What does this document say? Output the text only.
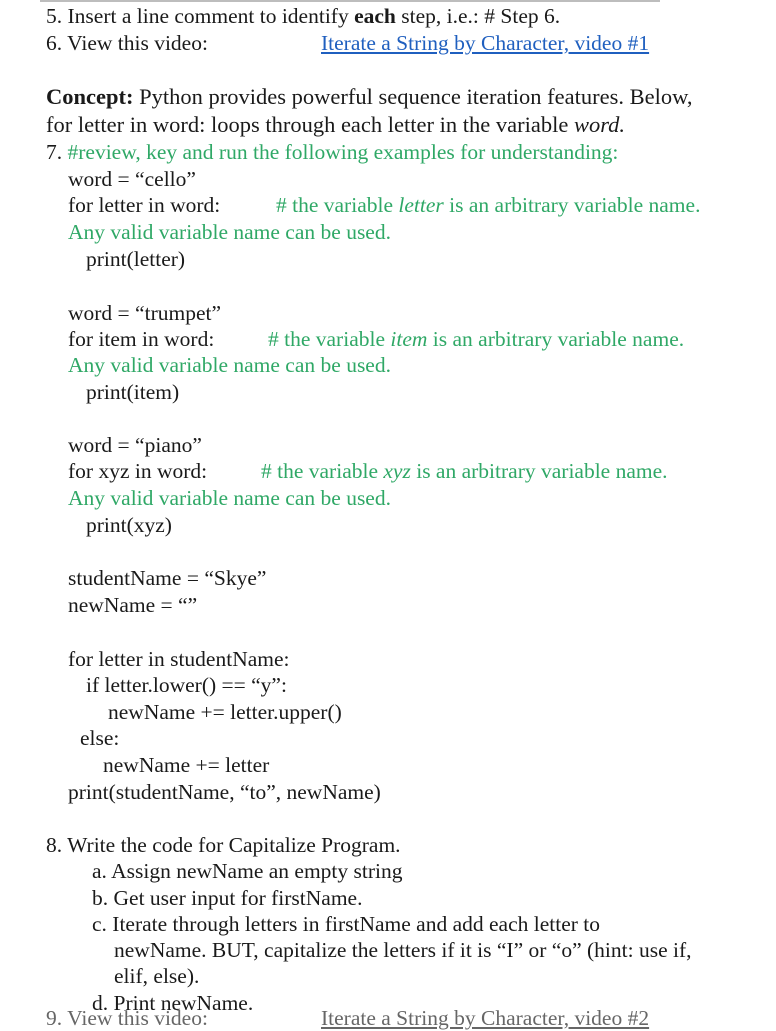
5. Insert a line comment to identify each step, i.e.: # Step 6.
6. View this video:	Iterate a String by Character, video #1
Concept: Python provides powerful sequence iteration features. Below,
for letter in word: loops through each letter in the variable word.
7. #review, key and run the following examples for understanding:
word = “cello”
for letter in word:	# the variable letter is an arbitrary variable name.
Any valid variable name can be used.
print(letter)
word = “trumpet”
for item in word: # the variable item is an arbitrary variable name.
Any valid variable name can be used.
print(item)
word = “piano”
for xyz in word:	# the variable xyz is an arbitrary variable name.
Any valid variable name can be used.
print(xyz)
studentName = “Skye”
newName = “”
for letter in studentName:
if letter.lower() == “y”:
newName += letter.upper()
else:
newName += letter
print(studentName, “to”, newName)
8. Write the code for Capitalize Program.
a. Assign newName an empty string
b. Get user input for firstName.
c. Iterate through letters in firstName and add each letter to
newName. BUT, capitalize the letters if it is “I” or “o” (hint: use if,
elif, else).
d. Print newName.
9. View this video:	Iterate a String by Character, video #2
